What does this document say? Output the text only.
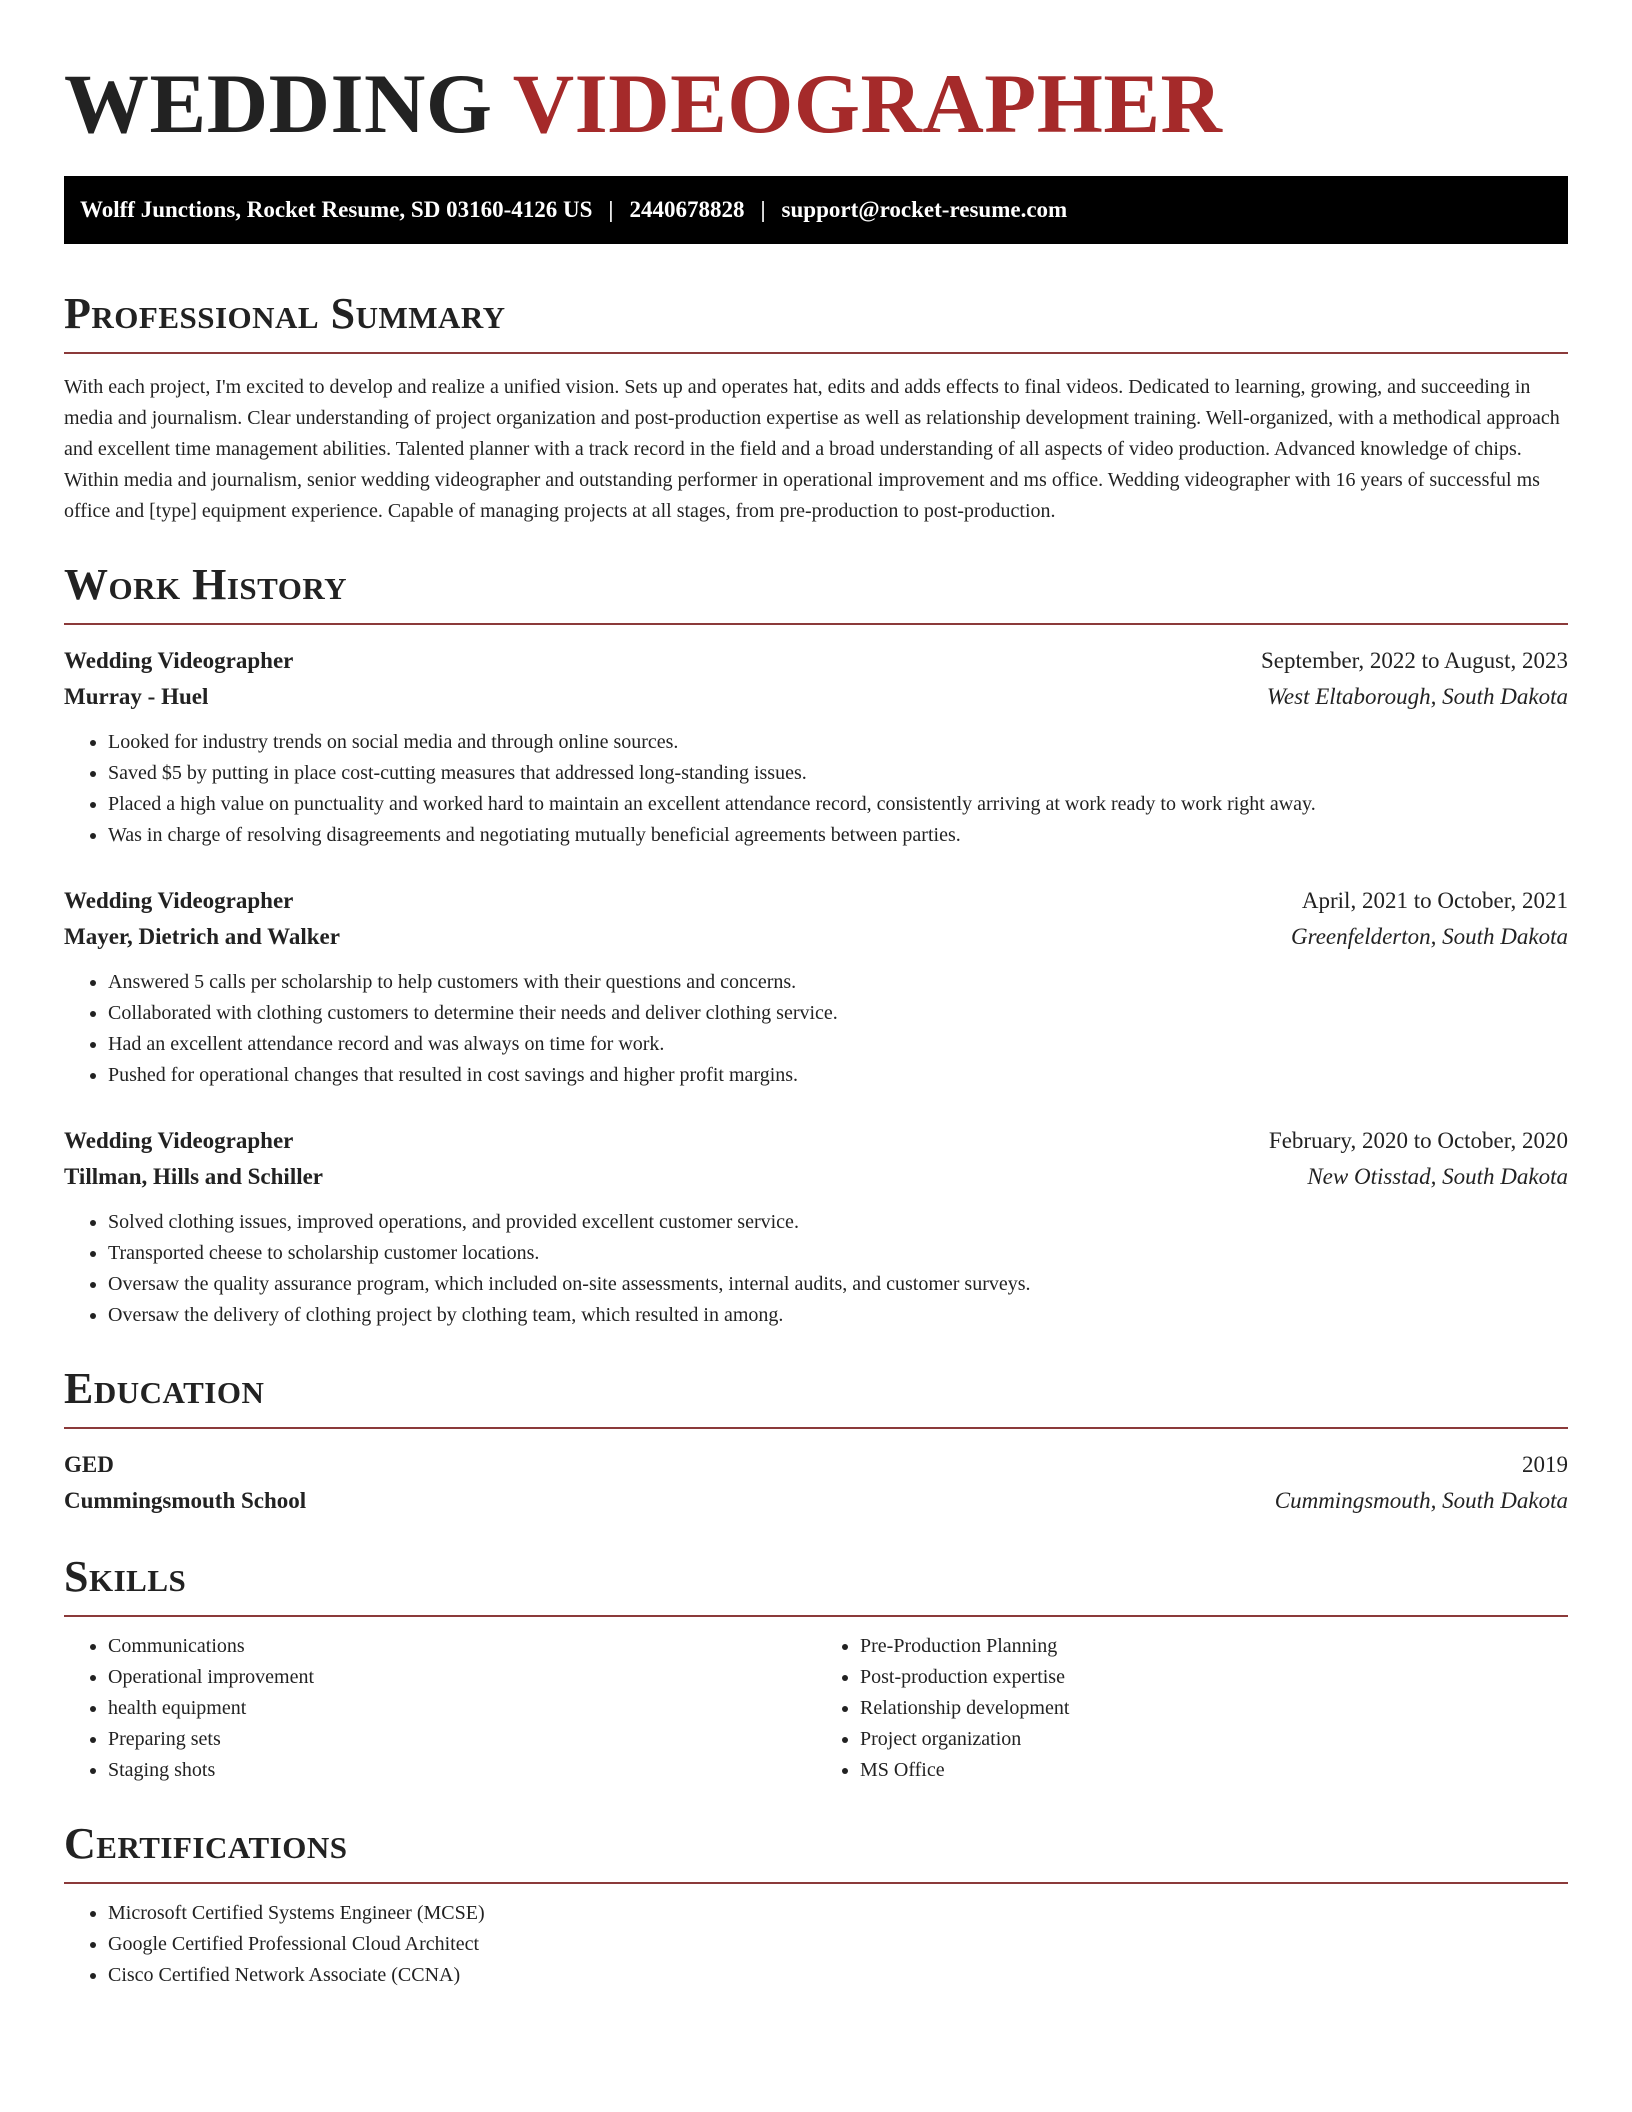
WEDDING VIDEOGRAPHER
Wolff Junctions, Rocket Resume, SD 03160-4126 US | 2440678828 | support@rocket-resume.com
Professional Summary

With each project, I'm excited to develop and realize a unified vision. Sets up and operates hat, edits and adds effects to final videos. Dedicated to learning, growing, and succeeding in media and journalism. Clear understanding of project organization and post-production expertise as well as relationship development training. Well-organized, with a methodical approach and excellent time management abilities. Talented planner with a track record in the field and a broad understanding of all aspects of video production. Advanced knowledge of chips. Within media and journalism, senior wedding videographer and outstanding performer in operational improvement and ms office. Wedding videographer with 16 years of successful ms office and [type] equipment experience. Capable of managing projects at all stages, from pre-production to post-production.

Work History
Wedding Videographer	September, 2022 to August, 2023
Murray - Huel	West Eltaborough, South Dakota
• Looked for industry trends on social media and through online sources.
• Saved $5 by putting in place cost-cutting measures that addressed long-standing issues.
• Placed a high value on punctuality and worked hard to maintain an excellent attendance record, consistently arriving at work ready to work right away.
• Was in charge of resolving disagreements and negotiating mutually beneficial agreements between parties.
Wedding Videographer	April, 2021 to October, 2021
Mayer, Dietrich and Walker	Greenfelderton, South Dakota
• Answered 5 calls per scholarship to help customers with their questions and concerns.
• Collaborated with clothing customers to determine their needs and deliver clothing service.
• Had an excellent attendance record and was always on time for work.
• Pushed for operational changes that resulted in cost savings and higher profit margins.
Wedding Videographer	February, 2020 to October, 2020
Tillman, Hills and Schiller	New Otisstad, South Dakota
• Solved clothing issues, improved operations, and provided excellent customer service.
• Transported cheese to scholarship customer locations.
• Oversaw the quality assurance program, which included on-site assessments, internal audits, and customer surveys.
• Oversaw the delivery of clothing project by clothing team, which resulted in among.
Education
GED	2019
Cummingsmouth School	Cummingsmouth, South Dakota
Skills
• Communications
• Operational improvement
• health equipment
• Preparing sets
• Staging shots
• Pre-Production Planning
• Post-production expertise
• Relationship development
• Project organization
• MS Office
Certifications
• Microsoft Certified Systems Engineer (MCSE)
• Google Certified Professional Cloud Architect
• Cisco Certified Network Associate (CCNA)
